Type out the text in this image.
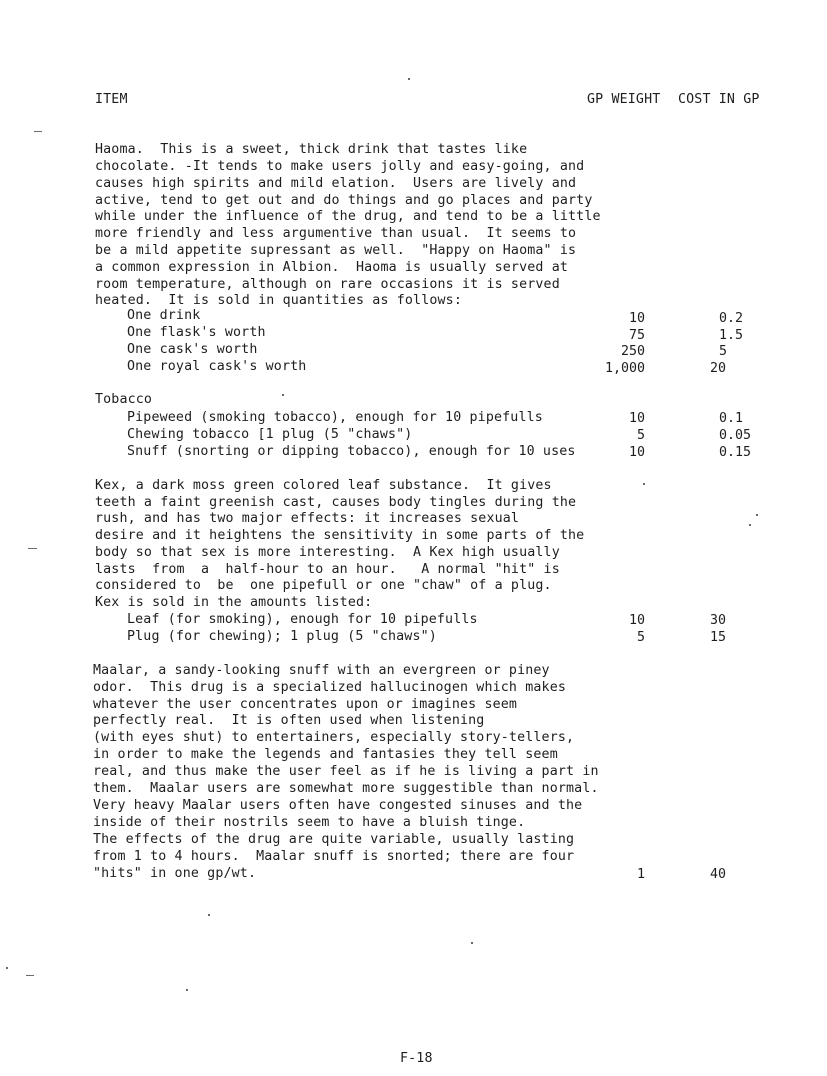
ITEM	GP WEIGHT COST IN GP
Haoma.  This is a sweet, thick drink that tastes like
chocolate. -It tends to make users jolly and easy-going, and
causes high spirits and mild elation.  Users are lively and
active, tend to get out and do things and go places and party
while under the influence of the drug, and tend to be a little
more friendly and less argumentive than usual.  It seems to
be a mild appetite supressant as well.  "Happy on Haoma" is
a common expression in Albion.  Haoma is usually served at
room temperature, although on rare occasions it is served
heated.  It is sold in quantities as follows:
One drink	10	0.2
One flask's worth	75	1.5
One cask's worth	250	5
One royal cask's worth	1,000	20
Tobacco
Pipeweed (smoking tobacco), enough for 10 pipefulls	10	0.1
Chewing tobacco [1 plug (5 "chaws")	5	0.05
Snuff (snorting or dipping tobacco), enough for 10 uses	10	0.15
Kex, a dark moss green colored leaf substance.  It gives
teeth a faint greenish cast, causes body tingles during the
rush, and has two major effects: it increases sexual
desire and it heightens the sensitivity in some parts of the
body so that sex is more interesting.  A Kex high usually
lasts  from  a  half-hour to an hour.   A normal "hit" is
considered to  be  one pipefull or one "chaw" of a plug.
Kex is sold in the amounts listed:
Leaf (for smoking), enough for 10 pipefulls	10	30
Plug (for chewing); 1 plug (5 "chaws")	5	15
Maalar, a sandy-looking snuff with an evergreen or piney
odor.  This drug is a specialized hallucinogen which makes
whatever the user concentrates upon or imagines seem
perfectly real.  It is often used when listening
(with eyes shut) to entertainers, especially story-tellers,
in order to make the legends and fantasies they tell seem
real, and thus make the user feel as if he is living a part in
them.  Maalar users are somewhat more suggestible than normal.
Very heavy Maalar users often have congested sinuses and the
inside of their nostrils seem to have a bluish tinge.
The effects of the drug are quite variable, usually lasting
from 1 to 4 hours.  Maalar snuff is snorted; there are four
"hits" in one gp/wt.	1	40
F-18
